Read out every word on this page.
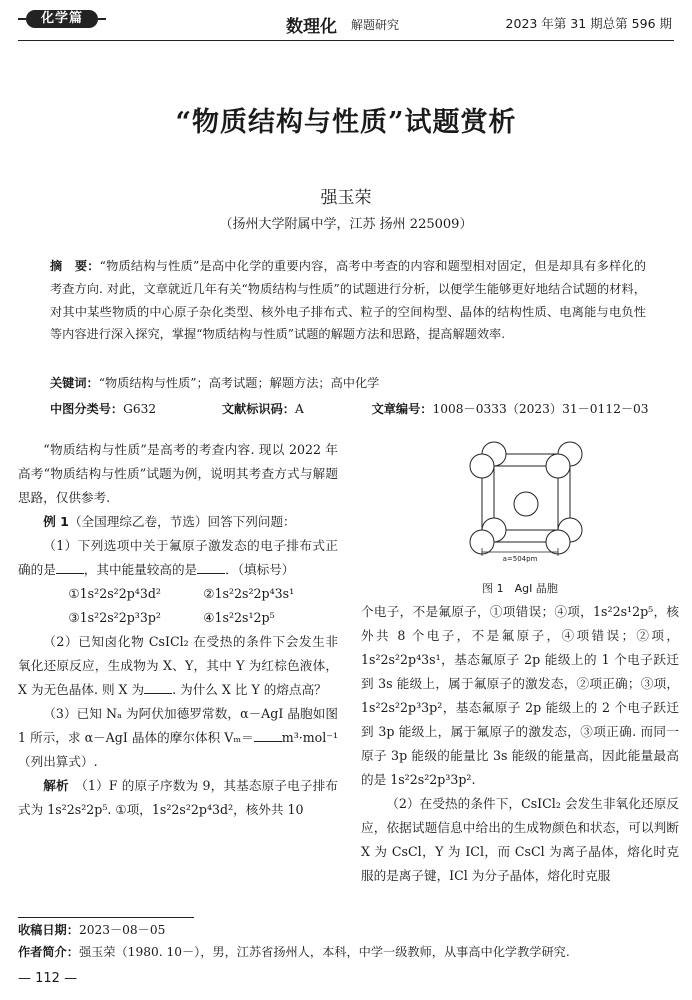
化学篇	数理化 解题研究	2023 年第 31 期总第 596 期
“物质结构与性质”试题赏析
强玉荣
（扬州大学附属中学，江苏 扬州 225009）
摘　要：“物质结构与性质”是高中化学的重要内容，高考中考查的内容和题型相对固定，但是却具有多样化的考查方向. 对此，文章就近几年有关“物质结构与性质”的试题进行分析，以便学生能够更好地结合试题的材料，对其中某些物质的中心原子杂化类型、核外电子排布式、粒子的空间构型、晶体的结构性质、电离能与电负性等内容进行深入探究，掌握“物质结构与性质”试题的解题方法和思路，提高解题效率.
关键词：“物质结构与性质”；高考试题；解题方法；高中化学
中图分类号：G632	文献标识码：A	文章编号：1008－0333（2023）31－0112－03

“物质结构与性质”是高考的考查内容. 现以 2022 年高考“物质结构与性质”试题为例，说明其考查方式与解题思路，仅供参考.

例 1（全国理综乙卷，节选）回答下列问题：

（1）下列选项中关于氟原子激发态的电子排布式正确的是 ，其中能量较高的是 ．（填标号）

①1s²2s²2p⁴3d²	②1s²2s²2p⁴3s¹

③1s²2s²2p³3p²	④1s²2s¹2p⁵

（2）已知卤化物 CsICl₂ 在受热的条件下会发生非氧化还原反应，生成物为 X、Y，其中 Y 为红棕色液体，X 为无色晶体. 则 X 为 . 为什么 X 比 Y 的熔点高？

（3）已知 Nₐ 为阿伏加德罗常数，α－AgI 晶胞如图 1 所示，求 α－AgI 晶体的摩尔体积 Vₘ＝ m³·mol⁻¹（列出算式）.

解析　 （1）F 的原子序数为 9，其基态原子电子排布式为 1s²2s²2p⁵. ①项，1s²2s²2p⁴3d²，核外共 10

a=504pm
图 1　AgI 晶胞

个电子，不是氟原子，①项错误；④项，1s²2s¹2p⁵，核外共 8 个电子，不是氟原子，④项错误；②项，1s²2s²2p⁴3s¹，基态氟原子 2p 能级上的 1 个电子跃迁到 3s 能级上，属于氟原子的激发态，②项正确；③项，1s²2s²2p³3p²，基态氟原子 2p 能级上的 2 个电子跃迁到 3p 能级上，属于氟原子的激发态，③项正确. 而同一原子 3p 能级的能量比 3s 能级的能量高，因此能量最高的是 1s²2s²2p³3p².

（2）在受热的条件下，CsICl₂ 会发生非氧化还原反应，依据试题信息中给出的生成物颜色和状态，可以判断 X 为 CsCl，Y 为 ICl，而 CsCl 为离子晶体，熔化时克服的是离子键，ICl 为分子晶体，熔化时克服

收稿日期：2023－08－05
作者简介：强玉荣（1980. 10－），男，江苏省扬州人，本科，中学一级教师，从事高中化学教学研究.
— 112 —
